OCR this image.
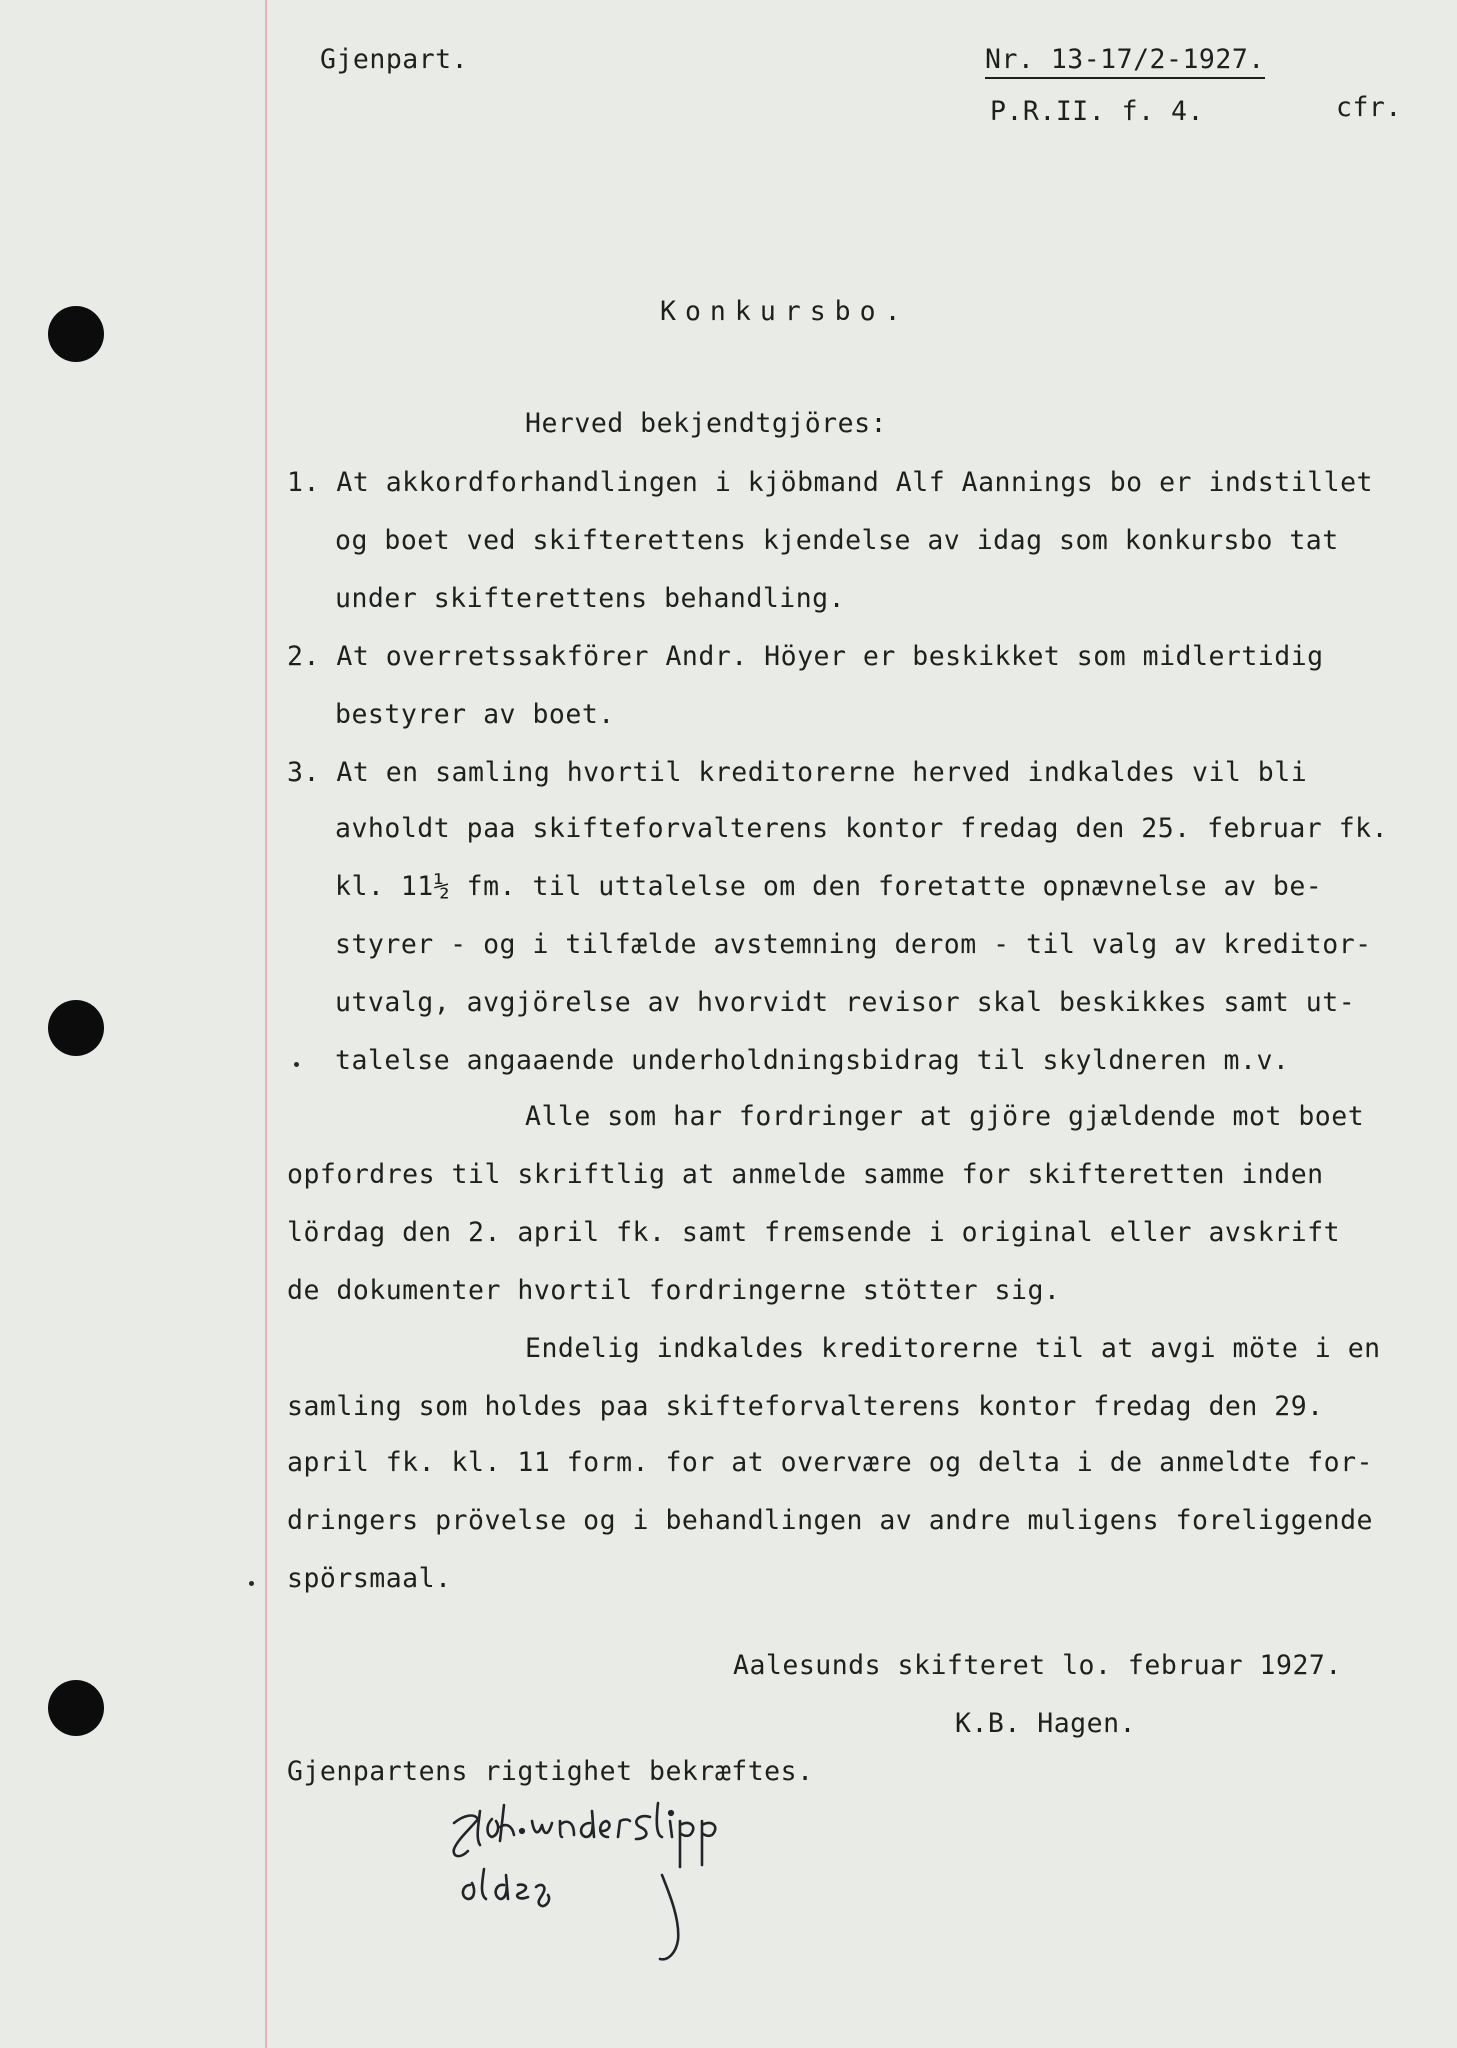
Gjenpart.	Nr. 13-17/2-1927.
P.R.II. f. 4.	cfr.
Konkursbo.
Herved bekjendtgjöres:
1. At akkordforhandlingen i kjöbmand Alf Aannings bo er indstillet
og boet ved skifterettens kjendelse av idag som konkursbo tat
under skifterettens behandling.
2. At overretssakförer Andr. Höyer er beskikket som midlertidig
bestyrer av boet.
3. At en samling hvortil kreditorerne herved indkaldes vil bli
avholdt paa skifteforvalterens kontor fredag den 25. februar fk.
kl. 11½ fm. til uttalelse om den foretatte opnævnelse av be-
styrer - og i tilfælde avstemning derom - til valg av kreditor-
utvalg, avgjörelse av hvorvidt revisor skal beskikkes samt ut-
talelse angaaende underholdningsbidrag til skyldneren m.v.
Alle som har fordringer at gjöre gjældende mot boet
opfordres til skriftlig at anmelde samme for skifteretten inden
lördag den 2. april fk. samt fremsende i original eller avskrift
de dokumenter hvortil fordringerne stötter sig.
Endelig indkaldes kreditorerne til at avgi möte i en
samling som holdes paa skifteforvalterens kontor fredag den 29.
april fk. kl. 11 form. for at overvære og delta i de anmeldte for-
dringers prövelse og i behandlingen av andre muligens foreliggende
spörsmaal.
Aalesunds skifteret lo. februar 1927.
K.B. Hagen.
Gjenpartens rigtighet bekræftes.
